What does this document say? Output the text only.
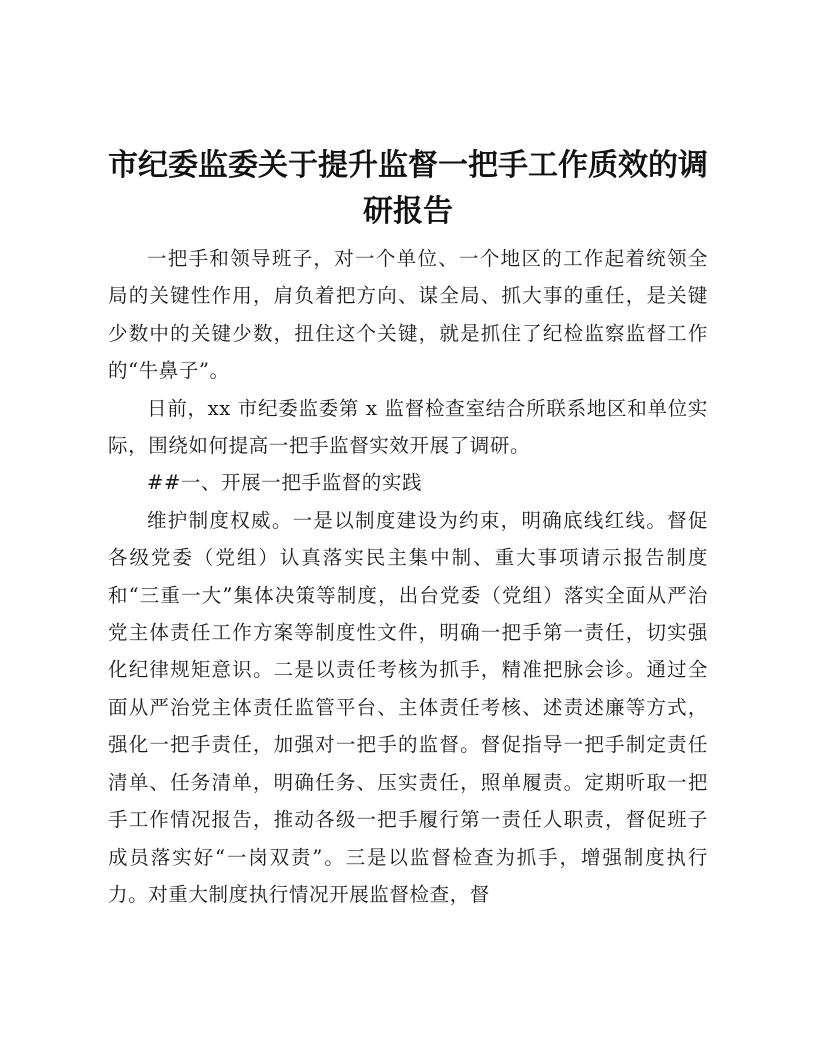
市纪委监委关于提升监督一把手工作质效的调研报告

一把手和领导班子，对一个单位、一个地区的工作起着统领全局的关键性作用，肩负着把方向、谋全局、抓大事的重任，是关键少数中的关键少数，扭住这个关键，就是抓住了纪检监察监督工作的“牛鼻子”。

日前，xx 市纪委监委第 x 监督检查室结合所联系地区和单位实际，围绕如何提高一把手监督实效开展了调研。

##一、开展一把手监督的实践

维护制度权威。一是以制度建设为约束，明确底线红线。督促各级党委（党组）认真落实民主集中制、重大事项请示报告制度和“三重一大”集体决策等制度，出台党委（党组）落实全面从严治党主体责任工作方案等制度性文件，明确一把手第一责任，切实强化纪律规矩意识。二是以责任考核为抓手，精准把脉会诊。通过全面从严治党主体责任监管平台、主体责任考核、述责述廉等方式，强化一把手责任，加强对一把手的监督。督促指导一把手制定责任清单、任务清单，明确任务、压实责任，照单履责。定期听取一把手工作情况报告，推动各级一把手履行第一责任人职责，督促班子成员落实好“一岗双责”。三是以监督检查为抓手，增强制度执行力。对重大制度执行情况开展监督检查，督
